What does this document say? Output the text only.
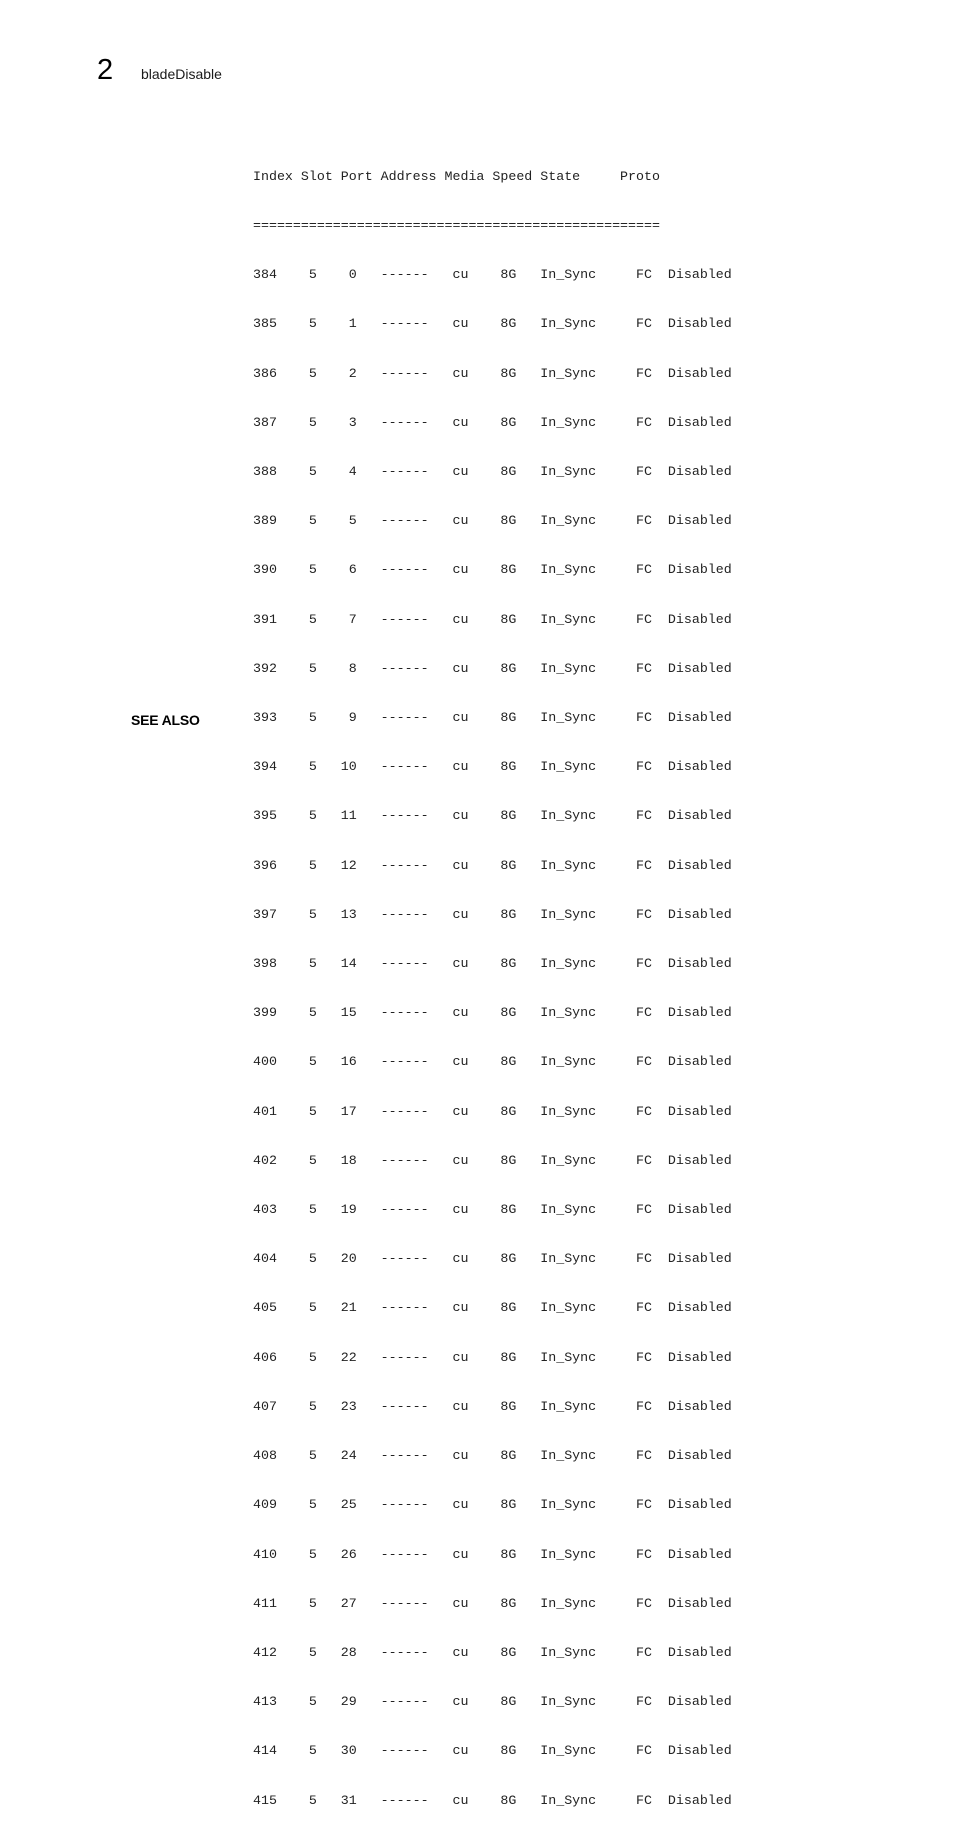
2 bladeDisable

Index Slot Port Address Media Speed State     Proto

===================================================

384    5    0   ------   cu    8G   In_Sync     FC  Disabled

385    5    1   ------   cu    8G   In_Sync     FC  Disabled

386    5    2   ------   cu    8G   In_Sync     FC  Disabled

387    5    3   ------   cu    8G   In_Sync     FC  Disabled

388    5    4   ------   cu    8G   In_Sync     FC  Disabled

389    5    5   ------   cu    8G   In_Sync     FC  Disabled

390    5    6   ------   cu    8G   In_Sync     FC  Disabled

391    5    7   ------   cu    8G   In_Sync     FC  Disabled

392    5    8   ------   cu    8G   In_Sync     FC  Disabled

393    5    9   ------   cu    8G   In_Sync     FC  Disabled

394    5   10   ------   cu    8G   In_Sync     FC  Disabled

395    5   11   ------   cu    8G   In_Sync     FC  Disabled

396    5   12   ------   cu    8G   In_Sync     FC  Disabled

397    5   13   ------   cu    8G   In_Sync     FC  Disabled

398    5   14   ------   cu    8G   In_Sync     FC  Disabled

399    5   15   ------   cu    8G   In_Sync     FC  Disabled

400    5   16   ------   cu    8G   In_Sync     FC  Disabled

401    5   17   ------   cu    8G   In_Sync     FC  Disabled

402    5   18   ------   cu    8G   In_Sync     FC  Disabled

403    5   19   ------   cu    8G   In_Sync     FC  Disabled

404    5   20   ------   cu    8G   In_Sync     FC  Disabled

405    5   21   ------   cu    8G   In_Sync     FC  Disabled

406    5   22   ------   cu    8G   In_Sync     FC  Disabled

407    5   23   ------   cu    8G   In_Sync     FC  Disabled

408    5   24   ------   cu    8G   In_Sync     FC  Disabled

409    5   25   ------   cu    8G   In_Sync     FC  Disabled

410    5   26   ------   cu    8G   In_Sync     FC  Disabled

411    5   27   ------   cu    8G   In_Sync     FC  Disabled

412    5   28   ------   cu    8G   In_Sync     FC  Disabled

413    5   29   ------   cu    8G   In_Sync     FC  Disabled

414    5   30   ------   cu    8G   In_Sync     FC  Disabled

415    5   31   ------   cu    8G   In_Sync     FC  Disabled

SEE ALSO
